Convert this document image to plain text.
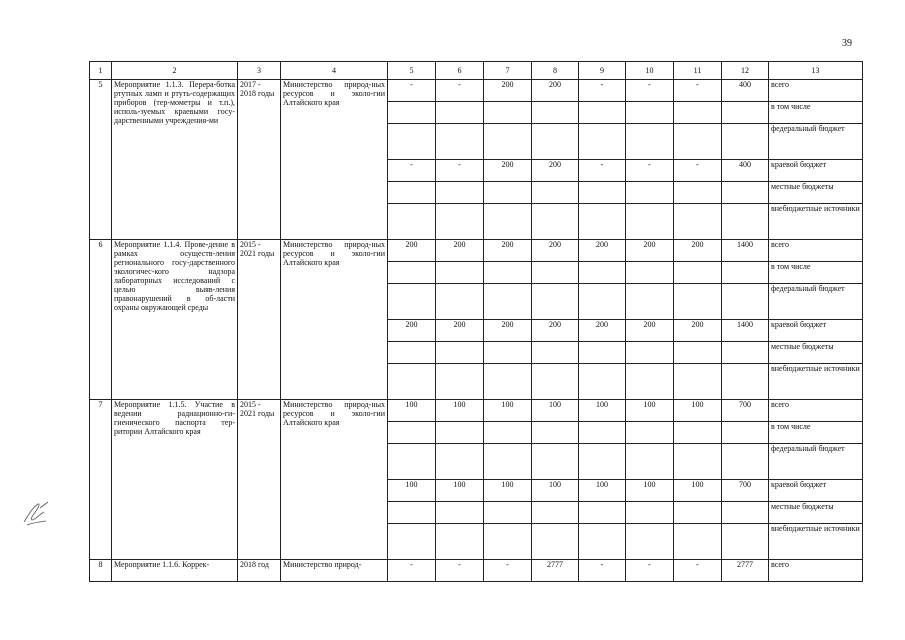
39
1	2	3	4	5	6	7	8	9	10	11	12	13
5	Мероприятие 1.1.3. Перера-ботка ртутных ламп и ртуть-содержащих приборов (тер-мометры и т.п.), исполь-зуемых краевыми госу-дарственными учреждения-ми	2017 - 2018 годы	Министерство природ-ных ресурсов и эколо-гии Алтайского края	-	-	200	200	-	-	-	400	всего
												в том числе
												федеральный бюджет
				-	-	200	200	-	-	-	400	краевой бюджет
												местные бюджеты
												внебюджетные источники
6	Мероприятие 1.1.4. Прове-дение в рамках осуществ-ления регионального госу-дарственного экологичес-кого надзора лабораторных исследований с целью выяв-ления правонарушений в об-ласти охраны окружающей среды	2015 - 2021 годы	Министерство природ-ных ресурсов и эколо-гии Алтайского края	200	200	200	200	200	200	200	1400	всего
												в том числе
												федеральный бюджет
				200	200	200	200	200	200	200	1400	краевой бюджет
												местные бюджеты
												внебюджетные источники
7	Мероприятие 1.1.5. Участие в ведении радиационно-ги-гиенического паспорта тер-ритории Алтайского края	2015 - 2021 годы	Министерство природ-ных ресурсов и эколо-гии Алтайского края	100	100	100	100	100	100	100	700	всего
												в том числе
												федеральный бюджет
				100	100	100	100	100	100	100	700	краевой бюджет
												местные бюджеты
												внебюджетные источники
8	Мероприятие 1.1.6. Коррек-	2018 год	Министерство природ-	-	-	-	2777	-	-	-	2777	всего
